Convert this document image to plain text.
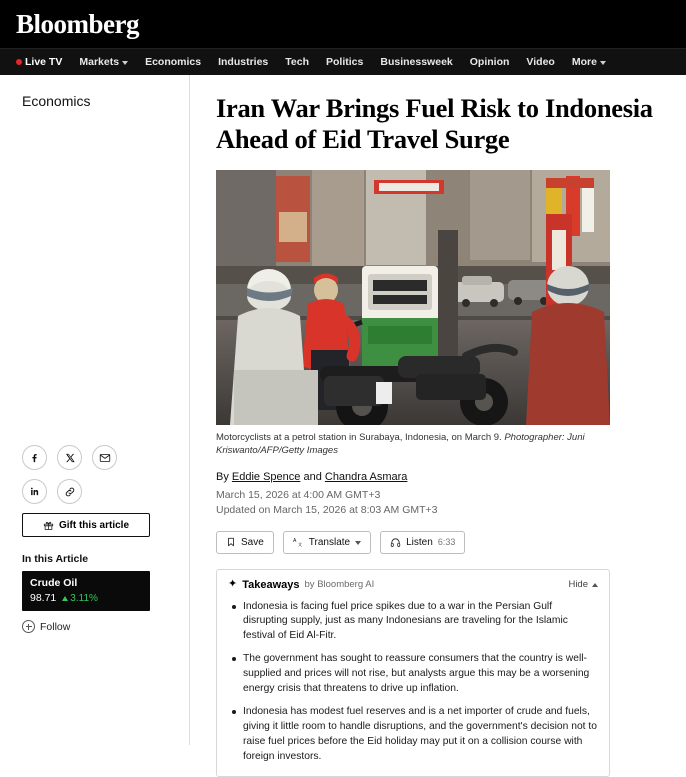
Bloomberg
Live TV Markets Economics Industries Tech Politics Businessweek Opinion Video More
Economics
Gift this article
In this Article
Crude Oil
98.71 3.11%
Follow
Iran War Brings Fuel Risk to Indonesia Ahead of Eid Travel Surge
Motorcyclists at a petrol station in Surabaya, Indonesia, on March 9. Photographer: Juni Kriswanto/AFP/Getty Images
By Eddie Spence and Chandra Asmara
March 15, 2026 at 4:00 AM GMT+3
Updated on March 15, 2026 at 8:03 AM GMT+3
Save	A
文 Translate	Listen 6:33
✦ Takeaways by Bloomberg AI	Hide
Indonesia is facing fuel price spikes due to a war in the Persian Gulf disrupting supply, just as many Indonesians are traveling for the Islamic festival of Eid Al-Fitr.
The government has sought to reassure consumers that the country is well-supplied and prices will not rise, but analysts argue this may be a worsening energy crisis that threatens to drive up inflation.
Indonesia has modest fuel reserves and is a net importer of crude and fuels, giving it little room to handle disruptions, and the government's decision not to raise fuel prices before the Eid holiday may put it on a collision course with foreign investors.
